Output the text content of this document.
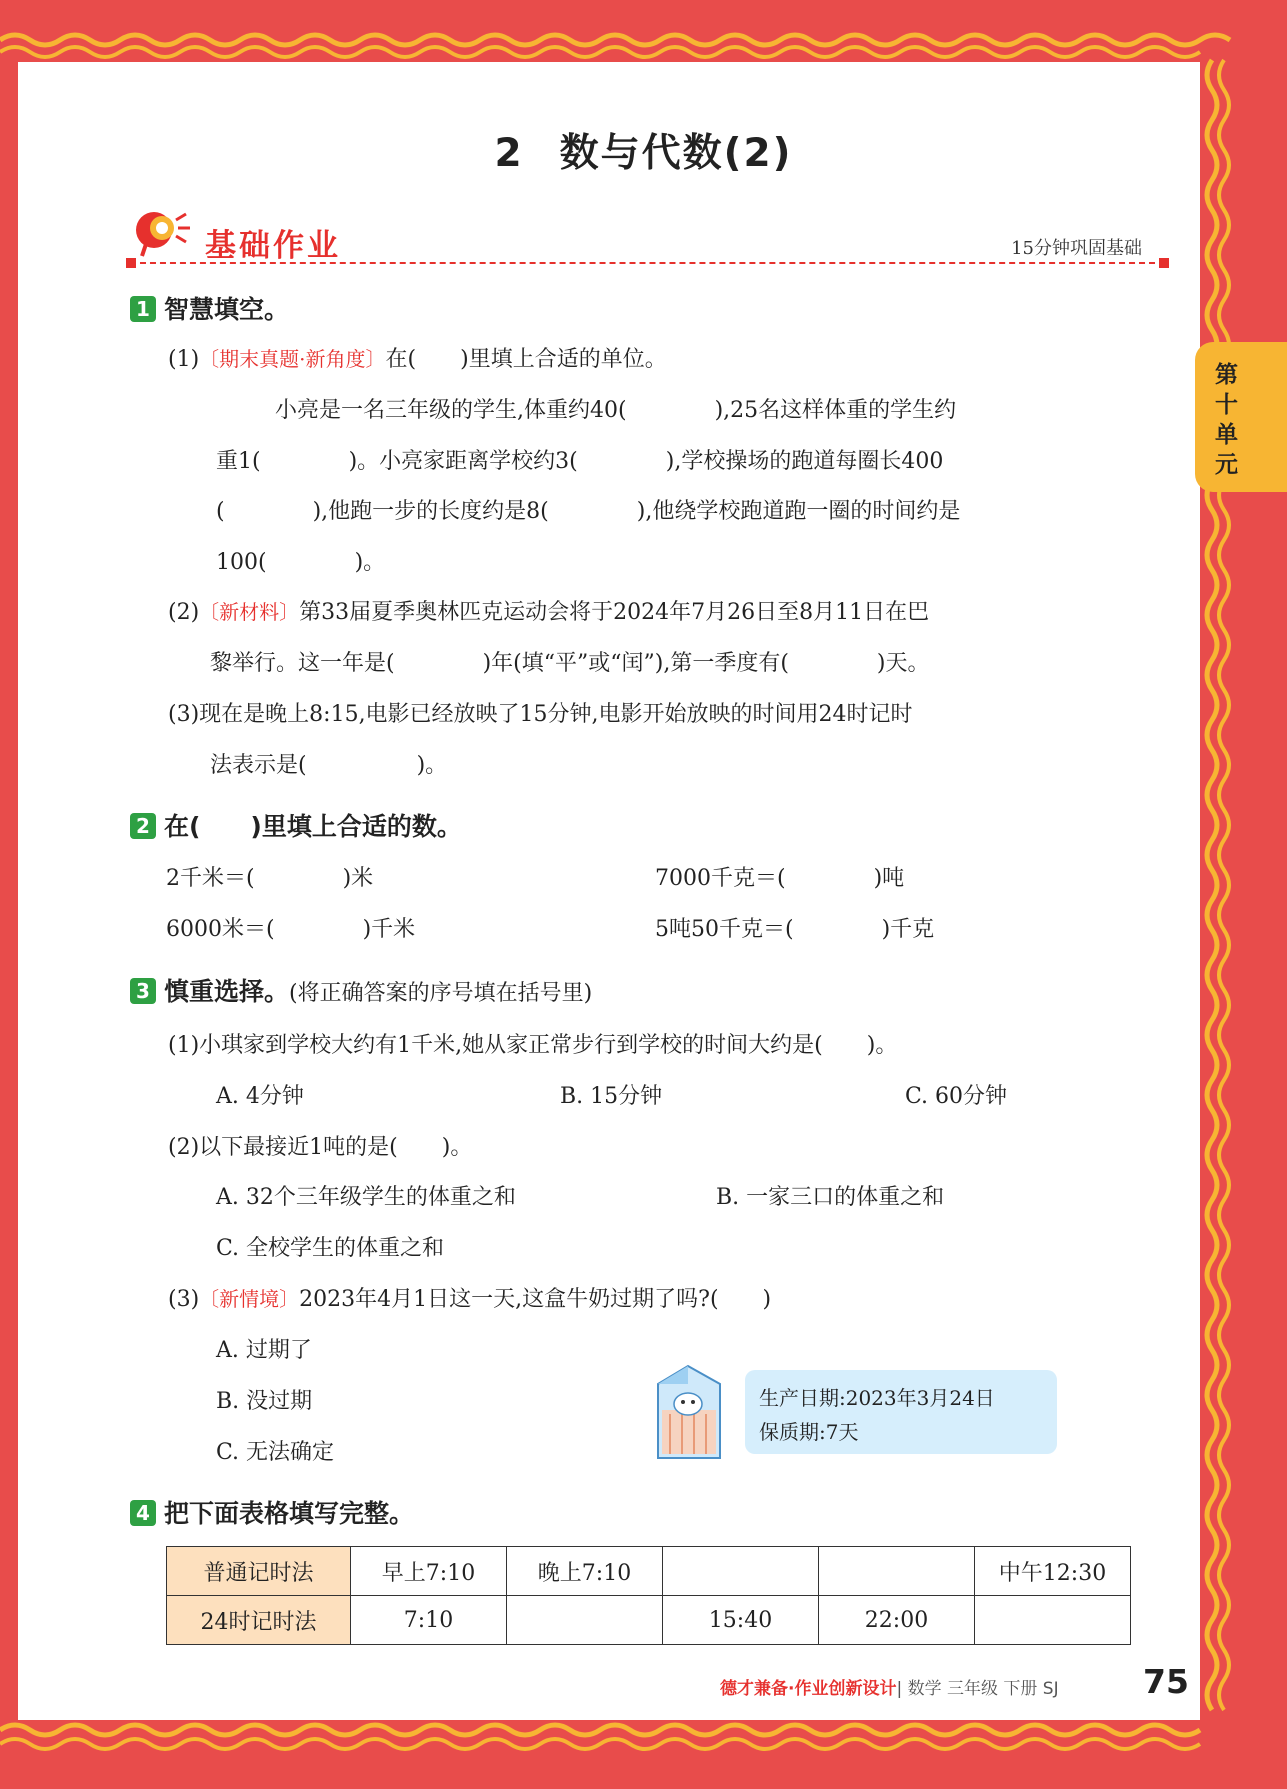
第十单元
2 数与代数(2)
基础作业	15分钟巩固基础
1 智慧填空。
(1)〔期末真题·新角度〕在(　　)里填上合适的单位。
小亮是一名三年级的学生,体重约40(　　　　),25名这样体重的学生约
重1(　　　　)。小亮家距离学校约3(　　　　),学校操场的跑道每圈长400
(　　　　),他跑一步的长度约是8(　　　　),他绕学校跑道跑一圈的时间约是
100(　　　　)。
(2)〔新材料〕第33届夏季奥林匹克运动会将于2024年7月26日至8月11日在巴
黎举行。这一年是(　　　　)年(填“平”或“闰”),第一季度有(　　　　)天。
(3)现在是晚上8:15,电影已经放映了15分钟,电影开始放映的时间用24时记时
法表示是(　　　　　)。
2 在(　　)里填上合适的数。
2千米＝(　　　　)米	7000千克＝(　　　　)吨
6000米＝(　　　　)千米	5吨50千克＝(　　　　)千克
3 慎重选择。(将正确答案的序号填在括号里)
(1)小琪家到学校大约有1千米,她从家正常步行到学校的时间大约是(　　)。
A. 4分钟	B. 15分钟	C. 60分钟
(2)以下最接近1吨的是(　　)。
A. 32个三年级学生的体重之和	B. 一家三口的体重之和
C. 全校学生的体重之和
(3)〔新情境〕2023年4月1日这一天,这盒牛奶过期了吗?(　　)
A. 过期了
B. 没过期
C. 无法确定
生产日期:2023年3月24日
保质期:7天
4 把下面表格填写完整。
普通记时法	早上7:10	晚上7:10			中午12:30
24时记时法	7:10		15:40	22:00	
德才兼备·作业创新设计| 数学 三年级 下册 SJ	75
